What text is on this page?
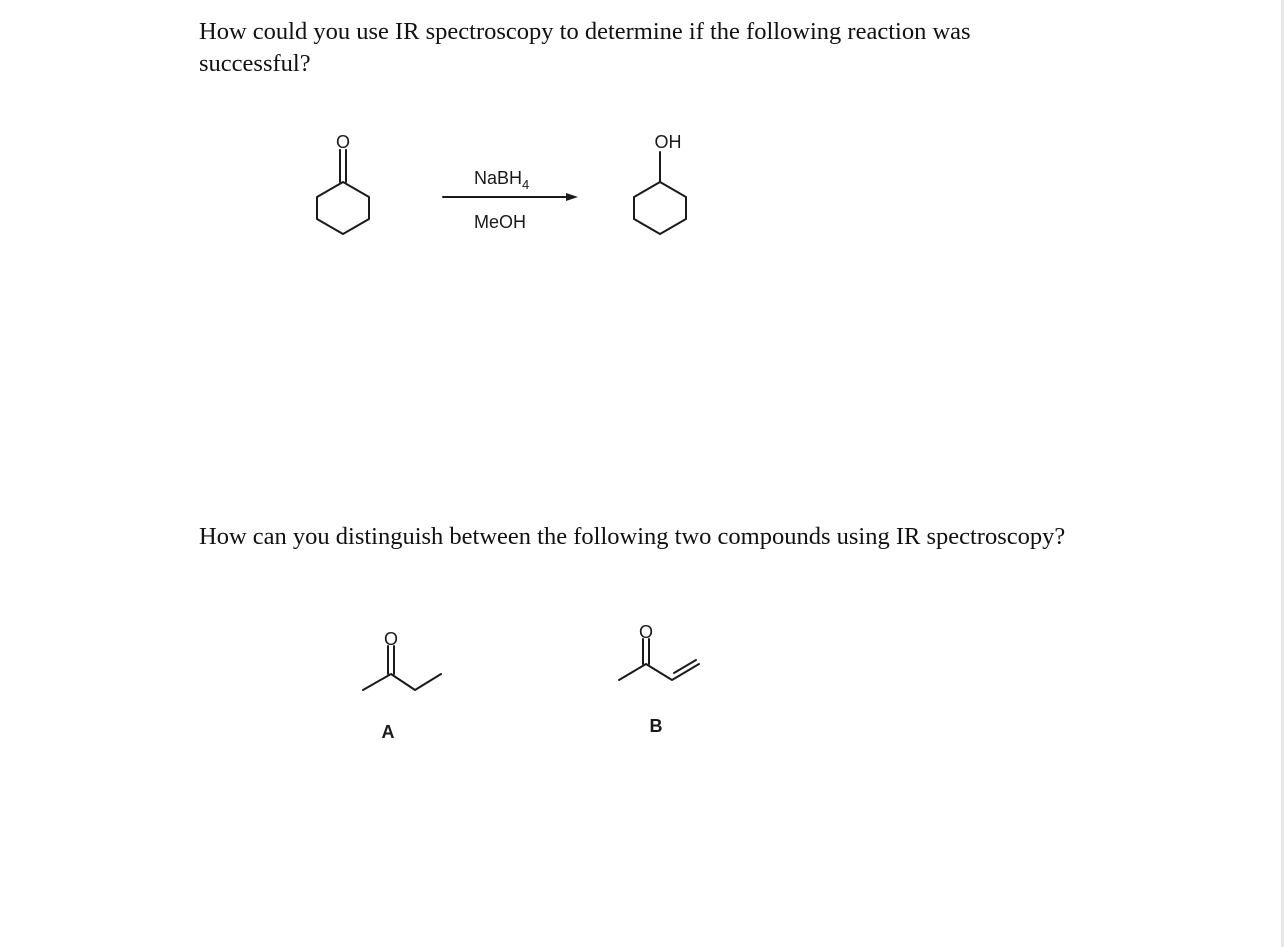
How could you use IR spectroscopy to determine if the following reaction was successful?

How can you distinguish between the following two compounds using IR spectroscopy?

O	OH
NaBH$_4$
MeOH
O	O
A	B
